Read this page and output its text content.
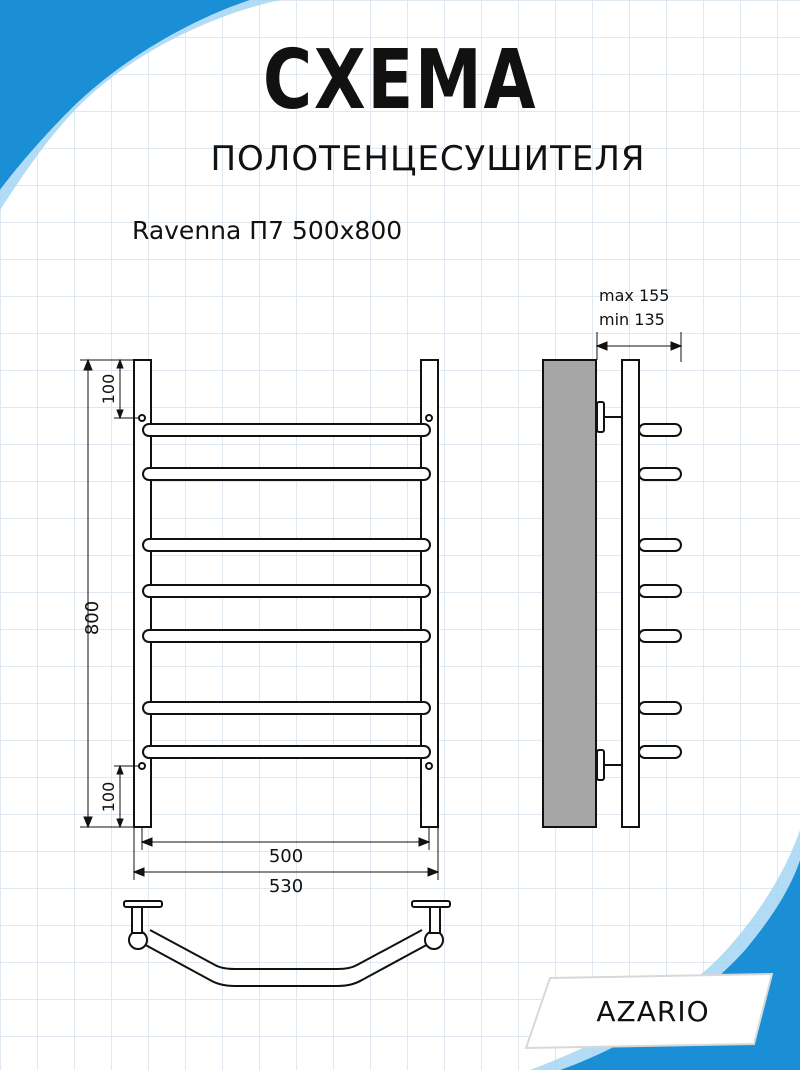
СХЕМА
ПОЛОТЕНЦЕСУШИТЕЛЯ
Ravenna П7 500x800
800
100
100
500
530
max 155
min 135
AZARIO
